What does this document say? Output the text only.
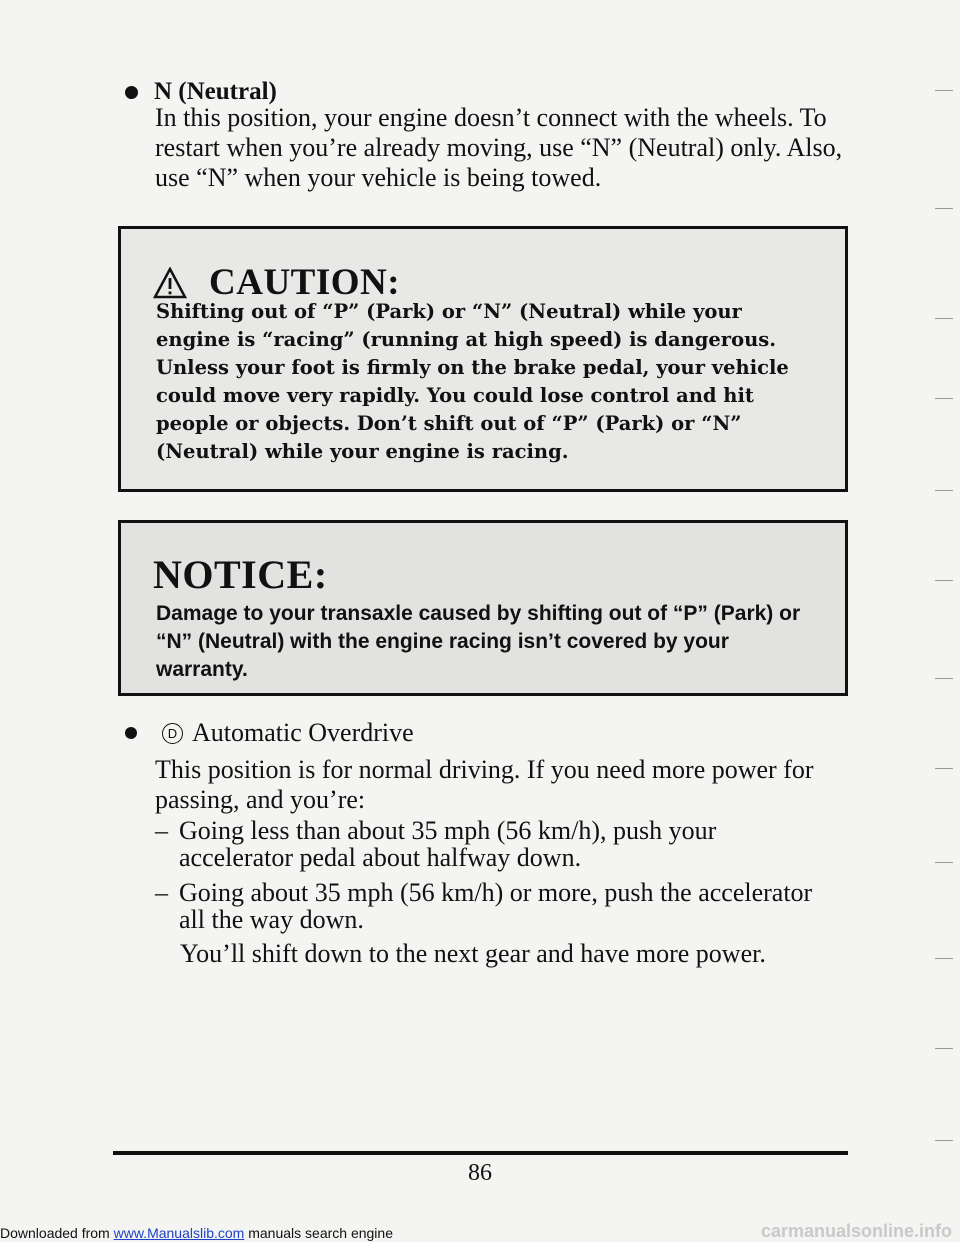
N (Neutral)

In this position, your engine doesn’t connect with the wheels. To restart when you’re already moving, use “N” (Neutral) only. Also, use “N” when your vehicle is being towed.

CAUTION:

Shifting out of “P” (Park) or “N” (Neutral) while your engine is “racing” (running at high speed) is dangerous. Unless your foot is firmly on the brake pedal, your vehicle could move very rapidly. You could lose control and hit people or objects. Don’t shift out of “P” (Park) or “N” (Neutral) while your engine is racing.

NOTICE:

Damage to your transaxle caused by shifting out of “P” (Park) or “N” (Neutral) with the engine racing isn’t covered by your warranty.

D Automatic Overdrive

This position is for normal driving. If you need more power for passing, and you’re:

– Going less than about 35 mph (56 km/h), push your accelerator pedal about halfway down.

– Going about 35 mph (56 km/h) or more, push the accelerator all the way down.

You’ll shift down to the next gear and have more power.

86
Downloaded from www.Manualslib.com manuals search engine	carmanualsonline.info
